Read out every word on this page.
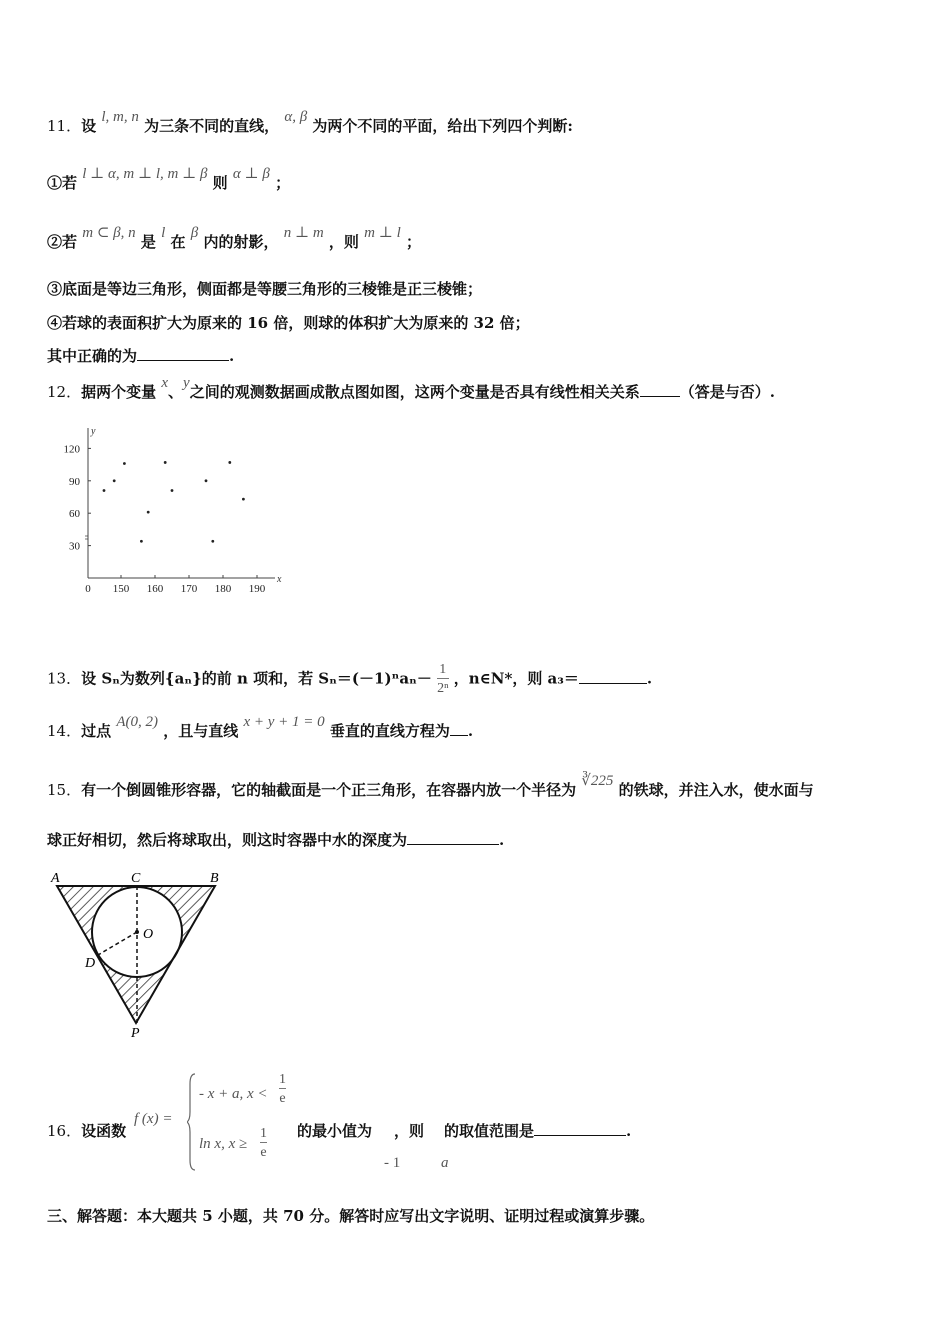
11．设 l, m, n 为三条不同的直线， α, β 为两个不同的平面，给出下列四个判断:
①若 l ⊥ α, m ⊥ l, m ⊥ β 则 α ⊥ β ；
②若 m ⊂ β, n 是 l 在 β 内的射影， n ⊥ m ，则 m ⊥ l ；
③底面是等边三角形，侧面都是等腰三角形的三棱锥是正三棱锥；
④若球的表面积扩大为原来的 16 倍，则球的体积扩大为原来的 32 倍；
其中正确的为	.
12．据两个变量 x、y之间的观测数据画成散点图如图，这两个变量是否具有线性相关关系	（答是与否）.
x
y
0 150 160 170 180 190
120
90
60
30
13．设 Sₙ为数列{aₙ}的前 n 项和，若 $S_n=(-1)^na_n- \frac{1}{\text{2ⁿ}}$ ，n∈N*，则 a₃＝	.
14．过点 A(0, 2) ，且与直线 x + y + 1 = 0 垂直的直线方程为 .
15．有一个倒圆锥形容器，它的轴截面是一个正三角形，在容器内放一个半径为 ∛225 的铁球，并注入水，使水面与
球正好相切，然后将球取出，则这时容器中水的深度为	.
A	C	B
O
D
P
16．设函数
f (x) =
- x + a, $x < \frac{1}{e}$
ln x, $x \ge \frac{1}{e}$ 的最小值为 ，则 的取值范围是	.
- 1	a
三、解答题：本大题共 5 小题，共 70 分。解答时应写出文字说明、证明过程或演算步骤。
